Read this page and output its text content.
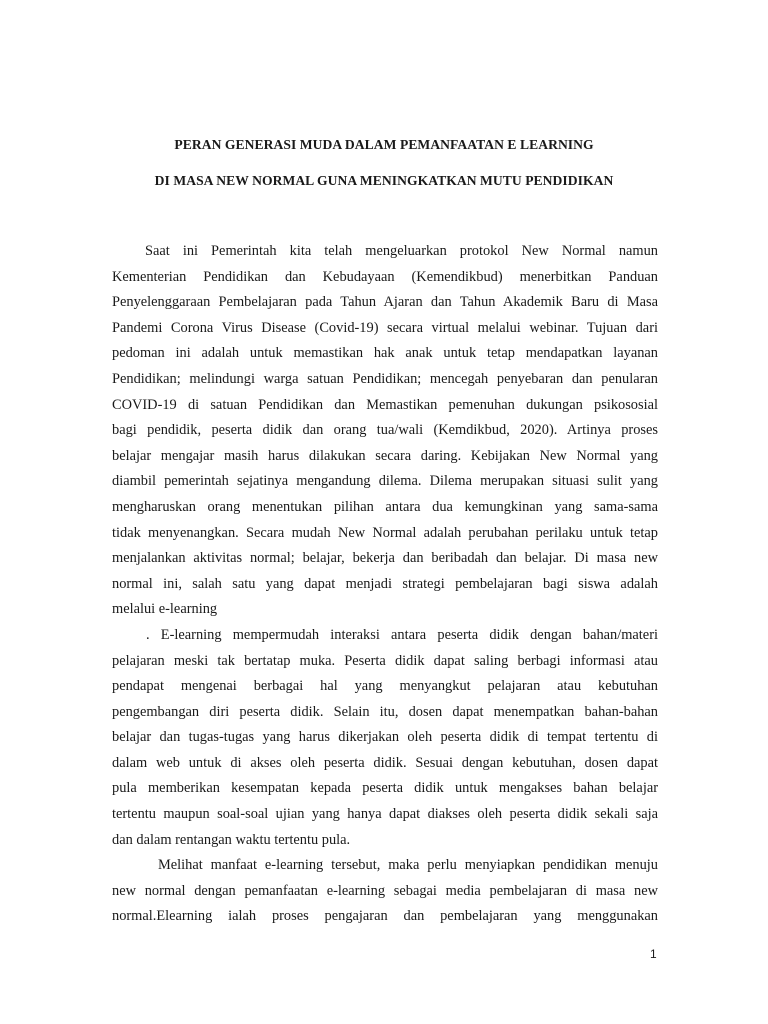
PERAN GENERASI MUDA DALAM PEMANFAATAN E LEARNING
DI MASA NEW NORMAL GUNA MENINGKATKAN MUTU PENDIDIKAN
Saat ini Pemerintah kita telah mengeluarkan protokol New Normal namun
Kementerian Pendidikan dan Kebudayaan (Kemendikbud) menerbitkan Panduan
Penyelenggaraan Pembelajaran pada Tahun Ajaran dan Tahun Akademik Baru di Masa
Pandemi Corona Virus Disease (Covid-19) secara virtual melalui webinar. Tujuan dari
pedoman ini adalah untuk memastikan hak anak untuk tetap mendapatkan layanan
Pendidikan; melindungi warga satuan Pendidikan; mencegah penyebaran dan penularan
COVID-19 di satuan Pendidikan dan Memastikan pemenuhan dukungan psikososial
bagi pendidik, peserta didik dan orang tua/wali (Kemdikbud, 2020). Artinya proses
belajar mengajar masih harus dilakukan secara daring. Kebijakan New Normal yang
diambil pemerintah sejatinya mengandung dilema. Dilema merupakan situasi sulit yang
mengharuskan orang menentukan pilihan antara dua kemungkinan yang sama-sama
tidak menyenangkan. Secara mudah New Normal adalah perubahan perilaku untuk tetap
menjalankan aktivitas normal; belajar, bekerja dan beribadah dan belajar. Di masa new
normal ini, salah satu yang dapat menjadi strategi pembelajaran bagi siswa adalah
melalui e-learning
. E-learning mempermudah interaksi antara peserta didik dengan bahan/materi
pelajaran meski tak bertatap muka. Peserta didik dapat saling berbagi informasi atau
pendapat mengenai berbagai hal yang menyangkut pelajaran atau kebutuhan
pengembangan diri peserta didik. Selain itu, dosen dapat menempatkan bahan-bahan
belajar dan tugas-tugas yang harus dikerjakan oleh peserta didik di tempat tertentu di
dalam web untuk di akses oleh peserta didik. Sesuai dengan kebutuhan, dosen dapat
pula memberikan kesempatan kepada peserta didik untuk mengakses bahan belajar
tertentu maupun soal-soal ujian yang hanya dapat diakses oleh peserta didik sekali saja
dan dalam rentangan waktu tertentu pula.
Melihat manfaat e-learning tersebut, maka perlu menyiapkan pendidikan menuju
new normal dengan pemanfaatan e-learning sebagai media pembelajaran di masa new
normal.Elearning ialah proses pengajaran dan pembelajaran yang menggunakan
1
